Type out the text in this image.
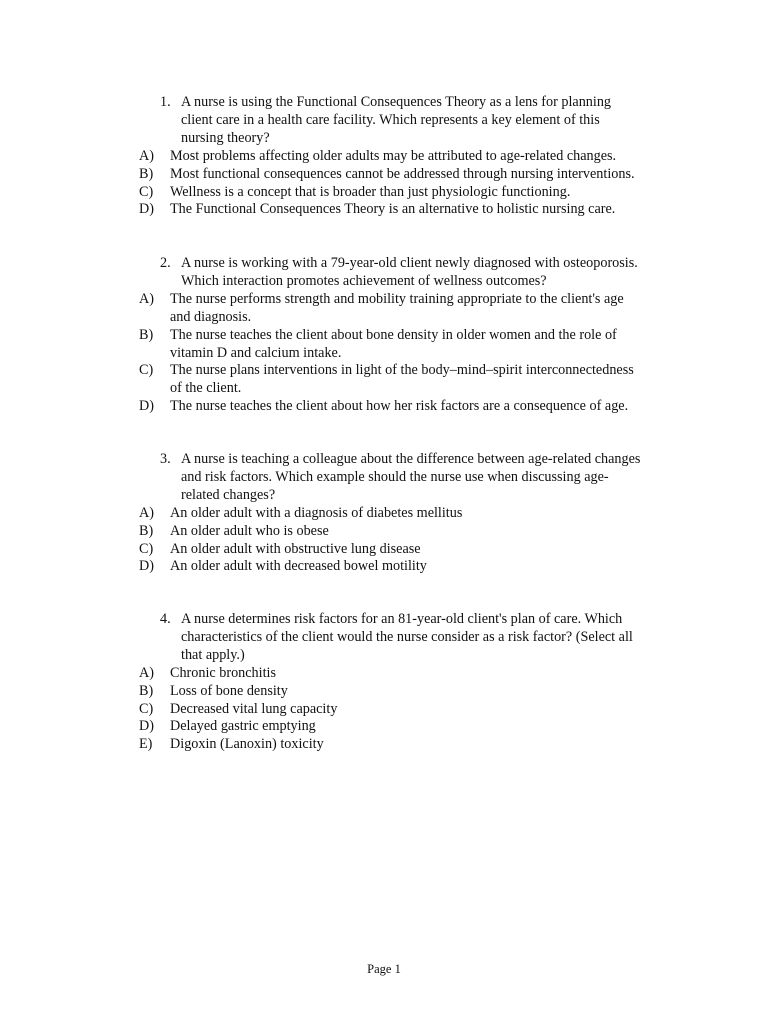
1. A nurse is using the Functional Consequences Theory as a lens for planning
client care in a health care facility. Which represents a key element of this
nursing theory?
A) Most problems affecting older adults may be attributed to age-related changes.
B) Most functional consequences cannot be addressed through nursing interventions.
C) Wellness is a concept that is broader than just physiologic functioning.
D) The Functional Consequences Theory is an alternative to holistic nursing care.
2. A nurse is working with a 79-year-old client newly diagnosed with osteoporosis.
Which interaction promotes achievement of wellness outcomes?
A) The nurse performs strength and mobility training appropriate to the client's age
and diagnosis.
B) The nurse teaches the client about bone density in older women and the role of
vitamin D and calcium intake.
C) The nurse plans interventions in light of the body–mind–spirit interconnectedness
of the client.
D) The nurse teaches the client about how her risk factors are a consequence of age.
3. A nurse is teaching a colleague about the difference between age-related changes
and risk factors. Which example should the nurse use when discussing age-
related changes?
A) An older adult with a diagnosis of diabetes mellitus
B) An older adult who is obese
C) An older adult with obstructive lung disease
D) An older adult with decreased bowel motility
4. A nurse determines risk factors for an 81-year-old client's plan of care. Which
characteristics of the client would the nurse consider as a risk factor? (Select all
that apply.)
A) Chronic bronchitis
B) Loss of bone density
C) Decreased vital lung capacity
D) Delayed gastric emptying
E) Digoxin (Lanoxin) toxicity
Page 1
